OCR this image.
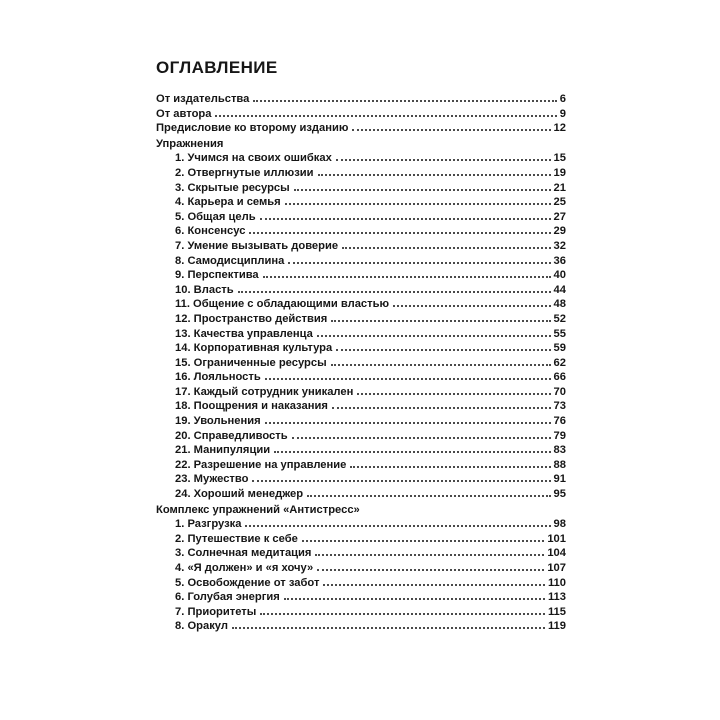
ОГЛАВЛЕНИЕ
От издательства	6
От автора	9
Предисловие ко второму изданию	12
Упражнения
1. Учимся на своих ошибках	15
2. Отвергнутые иллюзии	19
3. Скрытые ресурсы	21
4. Карьера и семья	25
5. Общая цель	27
6. Консенсус	29
7. Умение вызывать доверие	32
8. Самодисциплина	36
9. Перспектива	40
10. Власть	44
11. Общение с обладающими властью	48
12. Пространство действия	52
13. Качества управленца	55
14. Корпоративная культура	59
15. Ограниченные ресурсы	62
16. Лояльность	66
17. Каждый сотрудник уникален	70
18. Поощрения и наказания	73
19. Увольнения	76
20. Справедливость	79
21. Манипуляции	83
22. Разрешение на управление	88
23. Мужество	91
24. Хороший менеджер	95
Комплекс упражнений «Антистресс»
1. Разгрузка	98
2. Путешествие к себе	101
3. Солнечная медитация	104
4. «Я должен» и «я хочу»	107
5. Освобождение от забот	110
6. Голубая энергия	113
7. Приоритеты	115
8. Оракул	119
